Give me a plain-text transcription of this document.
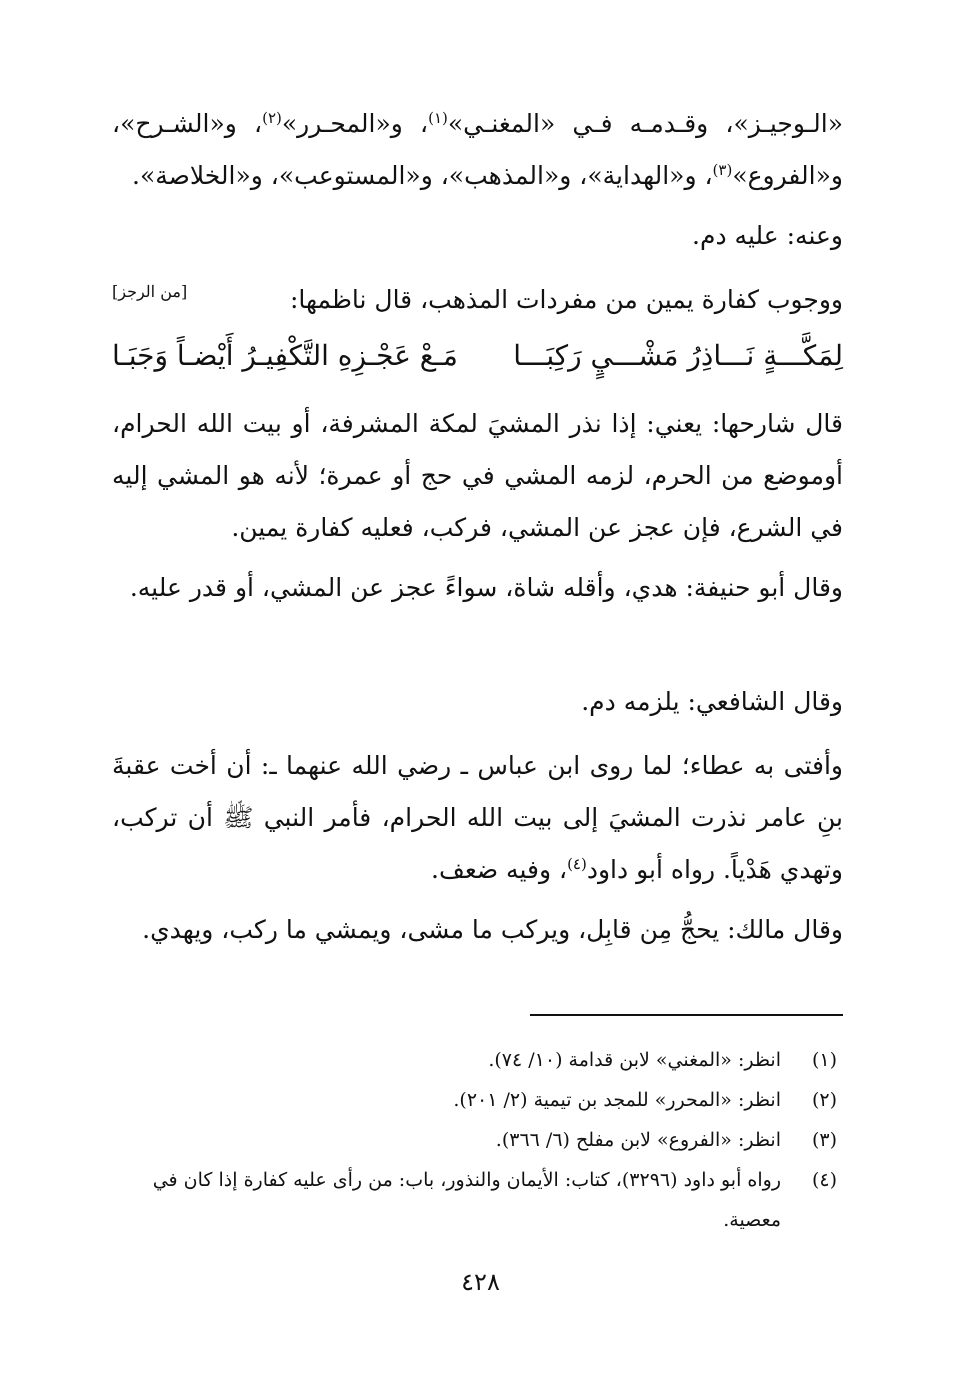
«الـوجيـز»، وقـدمـه فـي «المغنـي»$^{(١)}$، و«المحـرر»$^{(٢)}$، و«الشـرح»، و«الفروع»$^{(٣)}$، و«الهداية»، و«المذهب»، و«المستوعب»، و«الخلاصة».
وعنه: عليه دم.
ووجوب كفارة يمين من مفردات المذهب، قال ناظمها:
[من الرجز]
لِمَكَّـــةٍ نَـــاذِرُ مَشْـــيٍ رَكِبَـــا
مَـعْ عَجْـزِهِ التَّكْفِيـرُ أَيْضـاً وَجَبَـا
قال شارحها: يعني: إذا نذر المشيَ لمكة المشرفة، أو بيت الله الحرام، أوموضع من الحرم، لزمه المشي في حج أو عمرة؛ لأنه هو المشي إليه في الشرع، فإن عجز عن المشي، فركب، فعليه كفارة يمين.
وقال أبو حنيفة: هدي، وأقله شاة، سواءً عجز عن المشي، أو قدر عليه.
وقال الشافعي: يلزمه دم.
وأفتى به عطاء؛ لما روى ابن عباس ـ رضي الله عنهما ـ: أن أخت عقبةَ بنِ عامر نذرت المشيَ إلى بيت الله الحرام، فأمر النبي ﷺ أن تركب، وتهدي هَدْياً. رواه أبو داود$^{(٤)}$، وفيه ضعف.
وقال مالك: يحجُّ مِن قابِل، ويركب ما مشى، ويمشي ما ركب، ويهدي.
(١)
انظر: «المغني» لابن قدامة (١٠/ ٧٤).
(٢)
انظر: «المحرر» للمجد بن تيمية (٢/ ٢٠١).
(٣)
انظر: «الفروع» لابن مفلح (٦/ ٣٦٦).
(٤)
رواه أبو داود (٣٢٩٦)، كتاب: الأيمان والنذور، باب: من رأى عليه كفارة إذا كان في معصية.
٤٢٨
